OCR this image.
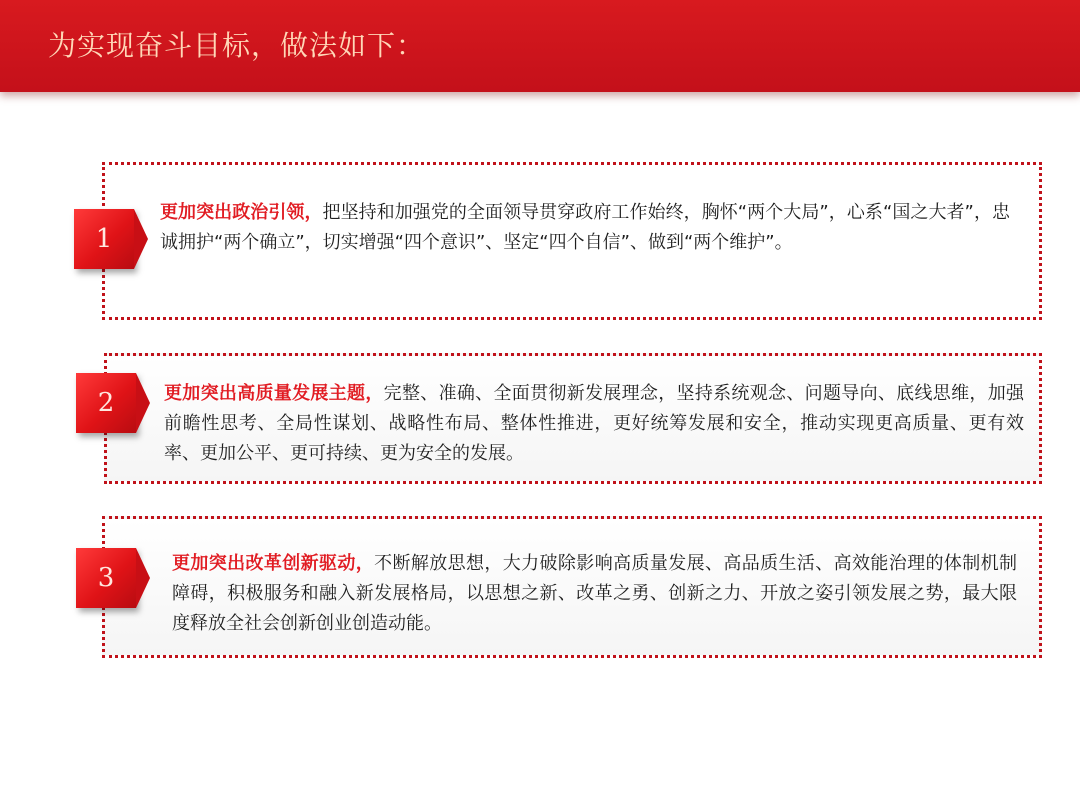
为实现奋斗目标，做法如下：
1
更加突出政治引领，把坚持和加强党的全面领导贯穿政府工作始终，胸怀“两个大局”，心系“国之大者”，忠诚拥护“两个确立”，切实增强“四个意识”、坚定“四个自信”、做到“两个维护”。
2	更加突出高质量发展主题，完整、准确、全面贯彻新发展理念，坚持系统观念、问题导向、底线思维，加强前瞻性思考、全局性谋划、战略性布局、整体性推进，更好统筹发展和安全，推动实现更高质量、更有效率、更加公平、更可持续、更为安全的发展。
3	更加突出改革创新驱动，不断解放思想，大力破除影响高质量发展、高品质生活、高效能治理的体制机制障碍，积极服务和融入新发展格局，以思想之新、改革之勇、创新之力、开放之姿引领发展之势，最大限度释放全社会创新创业创造动能。
